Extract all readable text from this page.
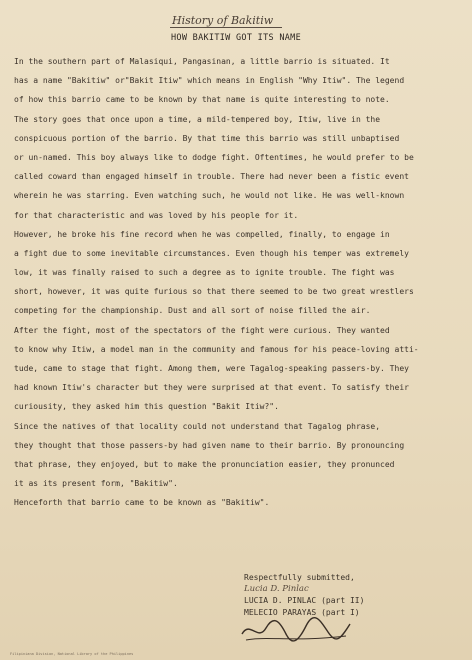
History of Bakitiw
HOW BAKITIW GOT ITS NAME
In the southern part of Malasiqui, Pangasinan, a little barrio is situated. It
has a name "Bakitiw" or"Bakit Itiw" which means in English "Why Itiw". The legend
of how this barrio came to be known by that name is quite interesting to note.
The story goes that once upon a time, a mild-tempered boy, Itiw, live in the
conspicuous portion of the barrio. By that time this barrio was still unbaptised
or un-named. This boy always like to dodge fight. Oftentimes, he would prefer to be
called coward than engaged himself in trouble. There had never been a fistic event
wherein he was starring. Even watching such, he would not like. He was well-known
for that characteristic and was loved by his people for it.
However, he broke his fine record when he was compelled, finally, to engage in
a fight due to some inevitable circumstances. Even though his temper was extremely
low, it was finally raised to such a degree as to ignite trouble. The fight was
short, however, it was quite furious so that there seemed to be two great wrestlers
competing for the championship. Dust and all sort of noise filled the air.
After the fight, most of the spectators of the fight were curious. They wanted
to know why Itiw, a model man in the community and famous for his peace-loving atti-
tude, came to stage that fight. Among them, were Tagalog-speaking passers-by. They
had known Itiw's character but they were surprised at that event. To satisfy their
curiousity, they asked him this question "Bakit Itiw?".
Since the natives of that locality could not understand that Tagalog phrase,
they thought that those passers-by had given name to their barrio. By pronouncing
that phrase, they enjoyed, but to make the pronunciation easier, they pronunced
it as its present form, "Bakitiw".
Henceforth that barrio came to be known as "Bakitiw".
Respectfully submitted,
Lucia D. Pinlac
LUCIA D. PINLAC (part II)
MELECIO PARAYAS (part I)
Filipiniana Division, National Library of the Philippines
